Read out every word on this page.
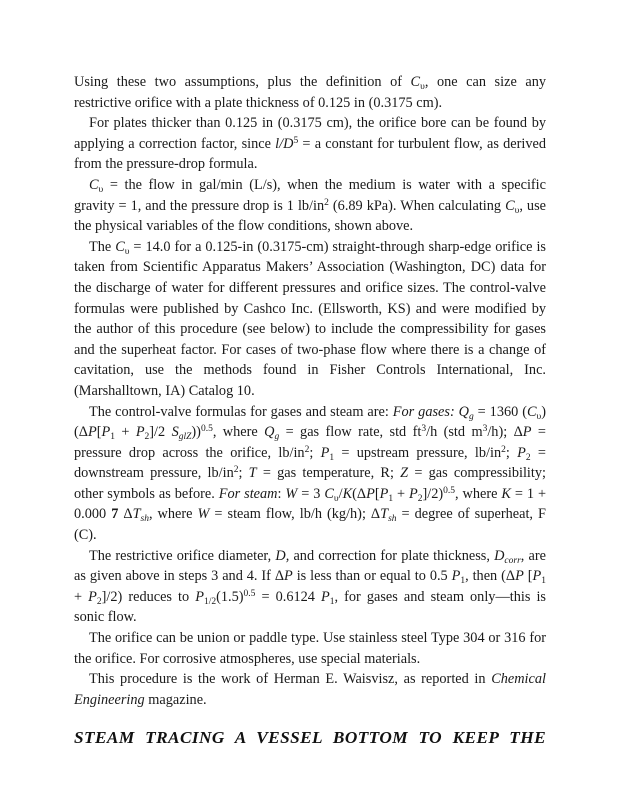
Using these two assumptions, plus the definition of $C_\upsilon$, one can size any restrictive orifice with a plate thickness of 0.125 in (0.3175 cm).

For plates thicker than 0.125 in (0.3175 cm), the orifice bore can be found by applying a correction factor, since $l/D^5 = a$ constant for turbulent flow, as derived from the pressure-drop formula.

$C_\upsilon$ = the flow in gal/min (L/s), when the medium is water with a specific gravity = 1, and the pressure drop is 1 $lb/in^2$ (6.89 kPa). When calculating $C_\upsilon$, use the physical variables of the flow conditions, shown above.

The $C_\upsilon = 14.0$ for a 0.125-in (0.3175-cm) straight-through sharp-edge orifice is taken from Scientific Apparatus Makers’ Association (Washington, DC) data for the discharge of water for different pressures and orifice sizes. The control-valve formulas were published by Cashco Inc. (Ellsworth, KS) and were modified by the author of this procedure (see below) to include the compressibility for gases and the superheat factor. For cases of two-phase flow where there is a change of cavitation, use the methods found in Fisher Controls International, Inc. (Marshalltown, IA) Catalog 10.

The control-valve formulas for gases and steam are: For gases: $Q_g = 1360$ $(C_\upsilon)(\Delta P[P_1 + P_2]/2$ $S_{glZ}))^{0.5}$, where $Q_g$ = gas flow rate, std $ft^3/h$ (std $m^3/h$); ΔP = pressure drop across the orifice, $lb/in^2$; $P_1$ = upstream pressure, $lb/in^2$; $P_2$ = downstream pressure, $lb/in^2$; T = gas temperature, R; Z = gas compressibility; other symbols as before. For steam: W = 3 $C_\upsilon/K(\Delta P[P_1 + P_2]/2)^{0.5}$, where K = 1 + 0.000 7 $\Delta T_{sh}$, where W = steam flow, lb/h (kg/h); $\Delta T_{sh}$ = degree of superheat, F (C).

The restrictive orifice diameter, D, and correction for plate thickness, $D_{corr}$, are as given above in steps 3 and 4. If ΔP is less than or equal to 0.5 $P_1$, then (ΔP $[P_1 + P_2]/2$) reduces to $P_{1/2}(1.5)^{0.5} = 0.6124$ $P_1$, for gases and steam only—this is sonic flow.

The orifice can be union or paddle type. Use stainless steel Type 304 or 316 for the orifice. For corrosive atmospheres, use special materials.

This procedure is the work of Herman E. Waisvisz, as reported in Chemical Engineering magazine.

STEAM TRACING A VESSEL BOTTOM TO KEEP THE
